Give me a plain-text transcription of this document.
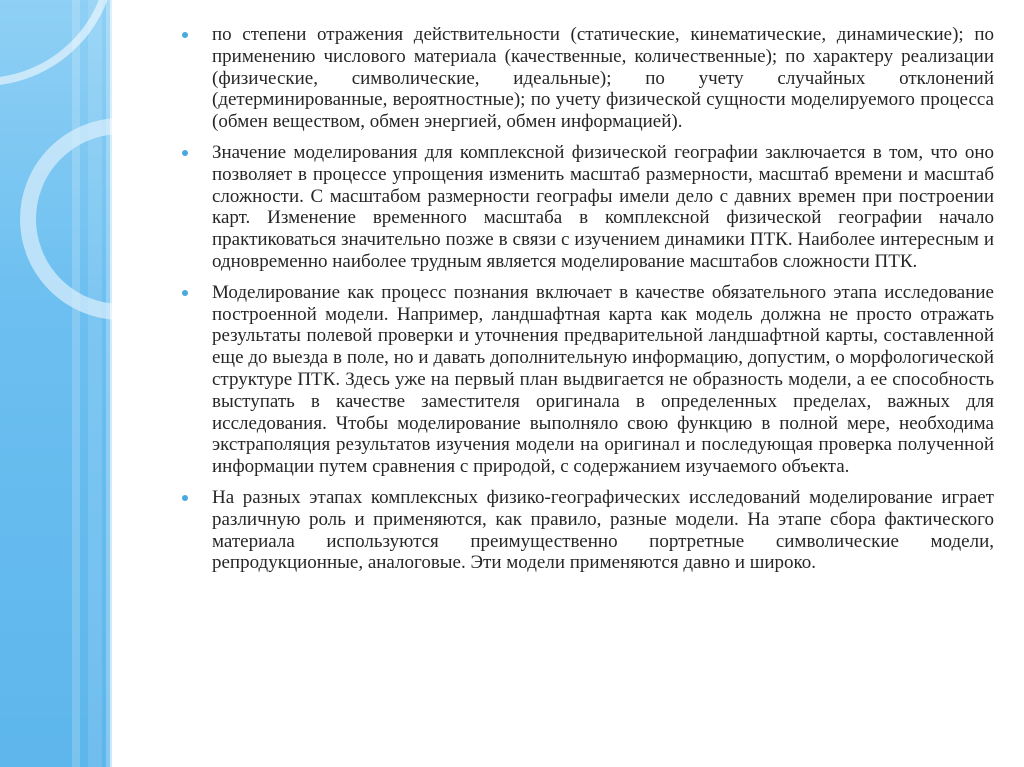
по степени отражения действительности (статические, кинематические, динамические); по применению числового материала (качественные, количественные); по характеру реализации (физические, символические, идеальные); по учету случайных отклонений (детерминированные, вероятностные); по учету физической сущности моделируемого процесса (обмен веществом, обмен энергией, обмен информацией).
Значение моделирования для комплексной физической географии заключается в том, что оно позволяет в процессе упрощения изменить масштаб размерности, масштаб времени и масштаб сложности. С масштабом размерности географы имели дело с давних времен при построении карт. Изменение временного масштаба в комплексной физической географии начало практиковаться значительно позже в связи с изучением динамики ПТК. Наиболее интересным и одновременно наиболее трудным является моделирование масштабов сложности ПТК.
Моделирование как процесс познания включает в качестве обязательного этапа исследование построенной модели. Например, ландшафтная карта как модель должна не просто отражать результаты полевой проверки и уточнения предварительной ландшафтной карты, составленной еще до выезда в поле, но и давать дополнительную информацию, допустим, о морфологической структуре ПТК. Здесь уже на первый план выдвигается не образность модели, а ее способность выступать в качестве заместителя оригинала в определенных пределах, важных для исследования. Чтобы моделирование выполняло свою функцию в полной мере, необходима экстраполяция результатов изучения модели на оригинал и последующая проверка полученной информации путем сравнения с природой, с содержанием изучаемого объекта.
На разных этапах комплексных физико-географических исследований моделирование играет различную роль и применяются, как правило, разные модели. На этапе сбора фактического материала используются преимущественно портретные символические модели, репродукционные, аналоговые. Эти модели применяются давно и широко.
